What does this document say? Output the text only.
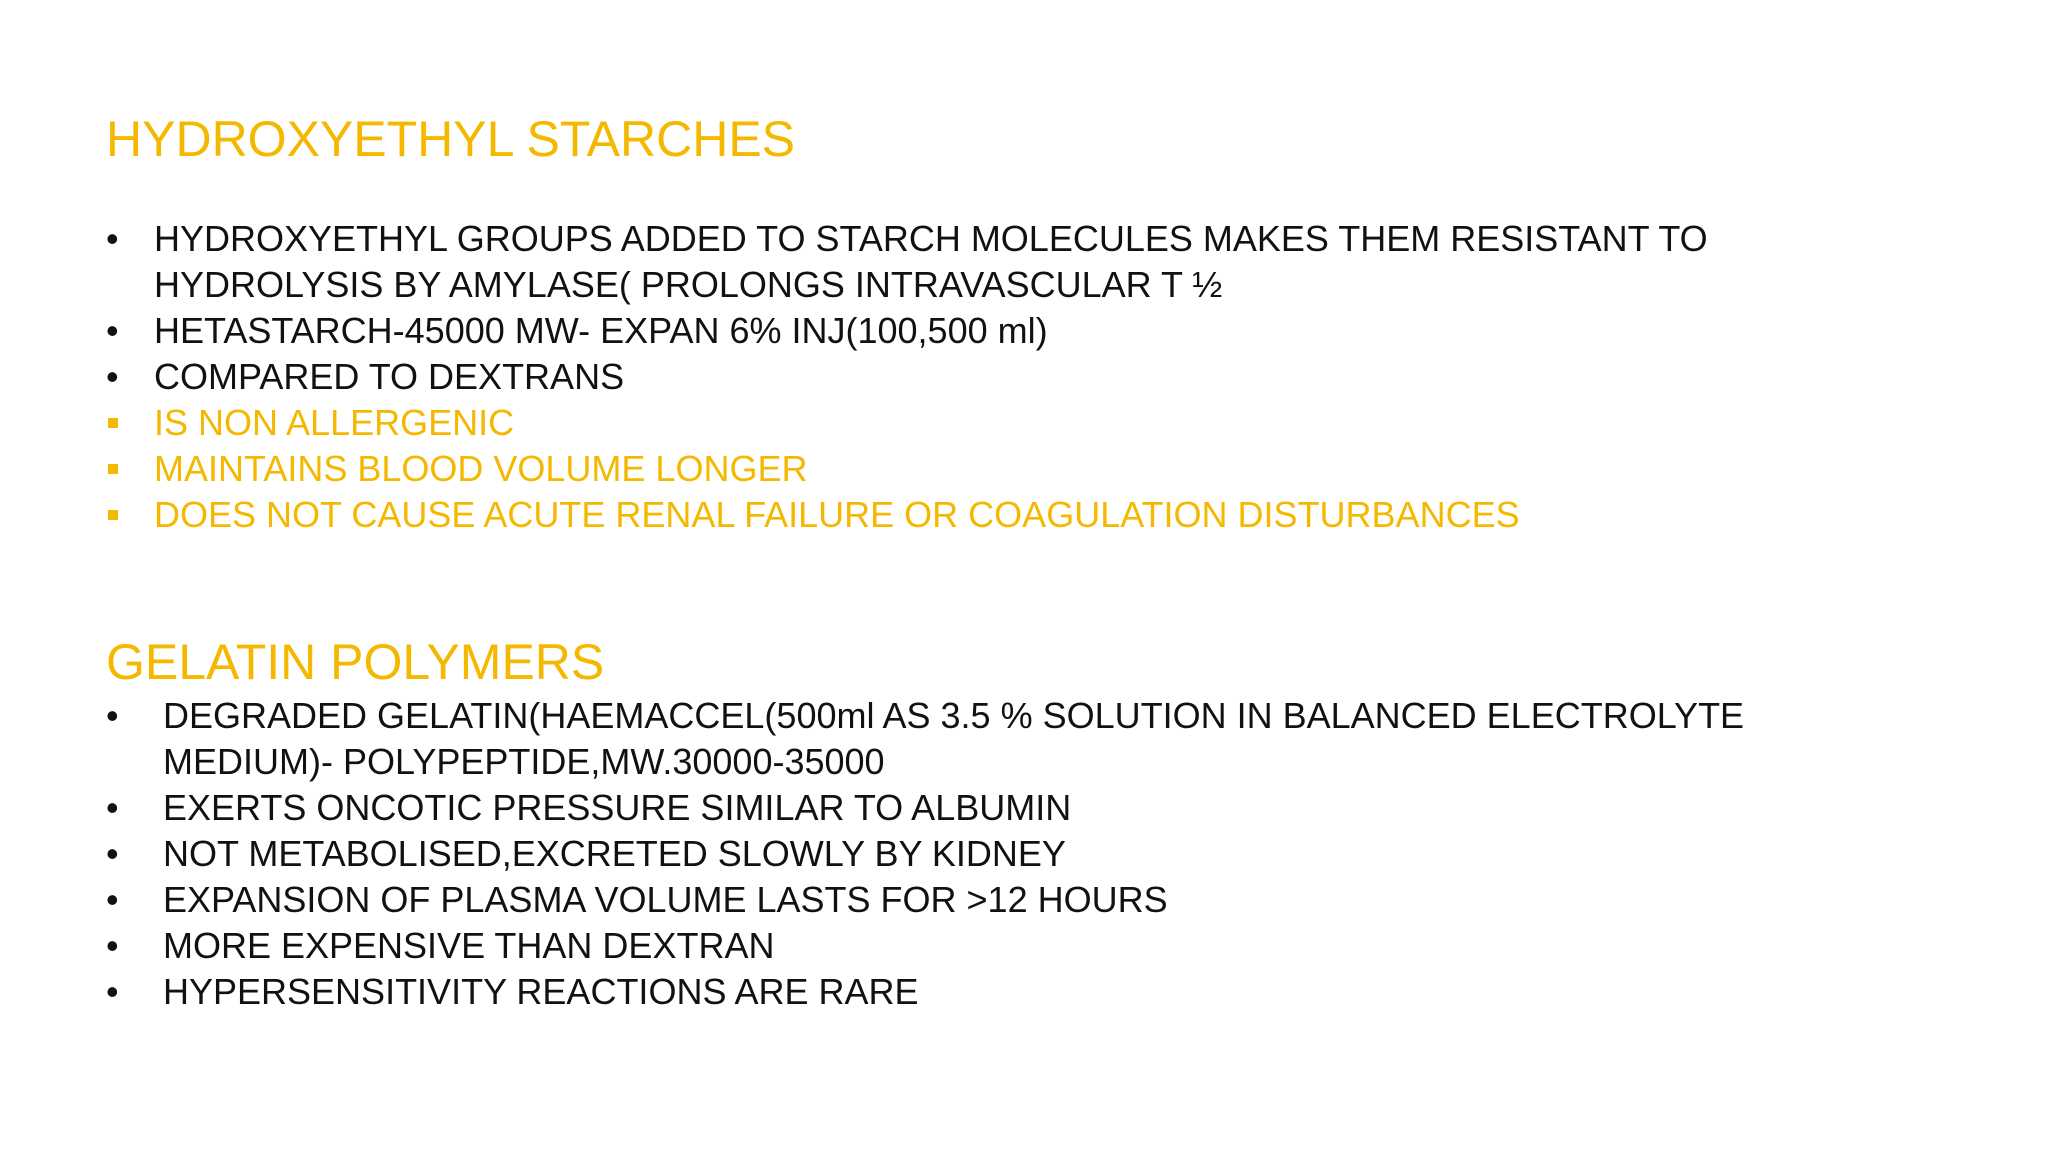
HYDROXYETHYL STARCHES
• HYDROXYETHYL GROUPS ADDED TO STARCH MOLECULES MAKES THEM RESISTANT TO
HYDROLYSIS BY AMYLASE( PROLONGS INTRAVASCULAR T ½
• HETASTARCH-45000 MW- EXPAN 6% INJ(100,500 ml)
• COMPARED TO DEXTRANS
IS NON ALLERGENIC
MAINTAINS BLOOD VOLUME LONGER
DOES NOT CAUSE ACUTE RENAL FAILURE OR COAGULATION DISTURBANCES
GELATIN POLYMERS
•	DEGRADED GELATIN(HAEMACCEL(500ml AS 3.5 % SOLUTION IN BALANCED ELECTROLYTE
MEDIUM)- POLYPEPTIDE,MW.30000-35000
•	EXERTS ONCOTIC PRESSURE SIMILAR TO ALBUMIN
•	NOT METABOLISED,EXCRETED SLOWLY BY KIDNEY
•	EXPANSION OF PLASMA VOLUME LASTS FOR >12 HOURS
•	MORE EXPENSIVE THAN DEXTRAN
•	HYPERSENSITIVITY REACTIONS ARE RARE
